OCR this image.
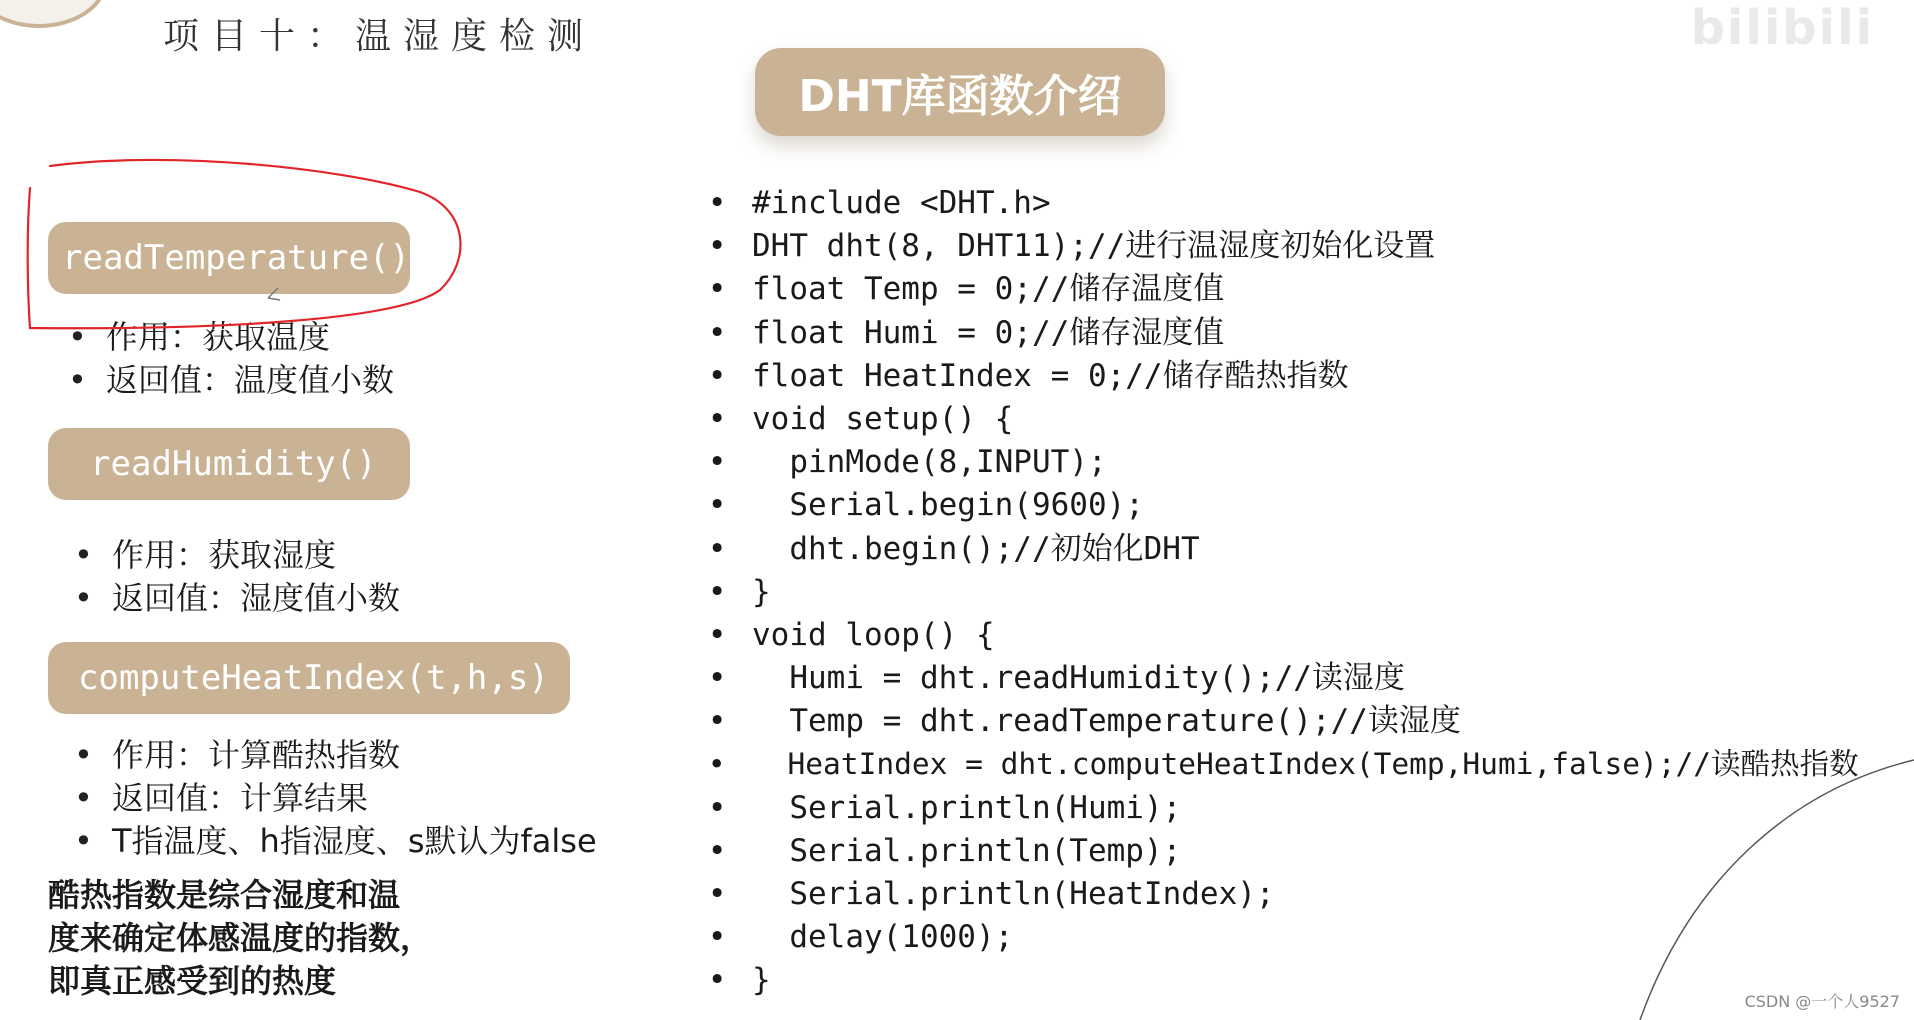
bilibili
项目十：温湿度检测
DHT库函数介绍
readTemperature()
• 作用：获取温度
• 返回值：温度值小数
readHumidity()
• 作用：获取湿度
• 返回值：湿度值小数
computeHeatIndex(t,h,s)
• 作用：计算酷热指数
• 返回值：计算结果
• T指温度、h指湿度、s默认为false
酷热指数是综合湿度和温
度来确定体感温度的指数，
即真正感受到的热度
• #include <DHT.h>
• DHT dht(8, DHT11);//进行温湿度初始化设置
• float Temp = 0;//储存温度值
• float Humi = 0;//储存湿度值
• float HeatIndex = 0;//储存酷热指数
• void setup() {
•   pinMode(8,INPUT);
•   Serial.begin(9600);
•   dht.begin();//初始化DHT
• }
• void loop() {
•   Humi = dht.readHumidity();//读湿度
•   Temp = dht.readTemperature();//读湿度
•   HeatIndex = dht.computeHeatIndex(Temp,Humi,false);//读酷热指数
•   Serial.println(Humi);
•   Serial.println(Temp);
•   Serial.println(HeatIndex);
•   delay(1000);
• }
CSDN @一个人9527
